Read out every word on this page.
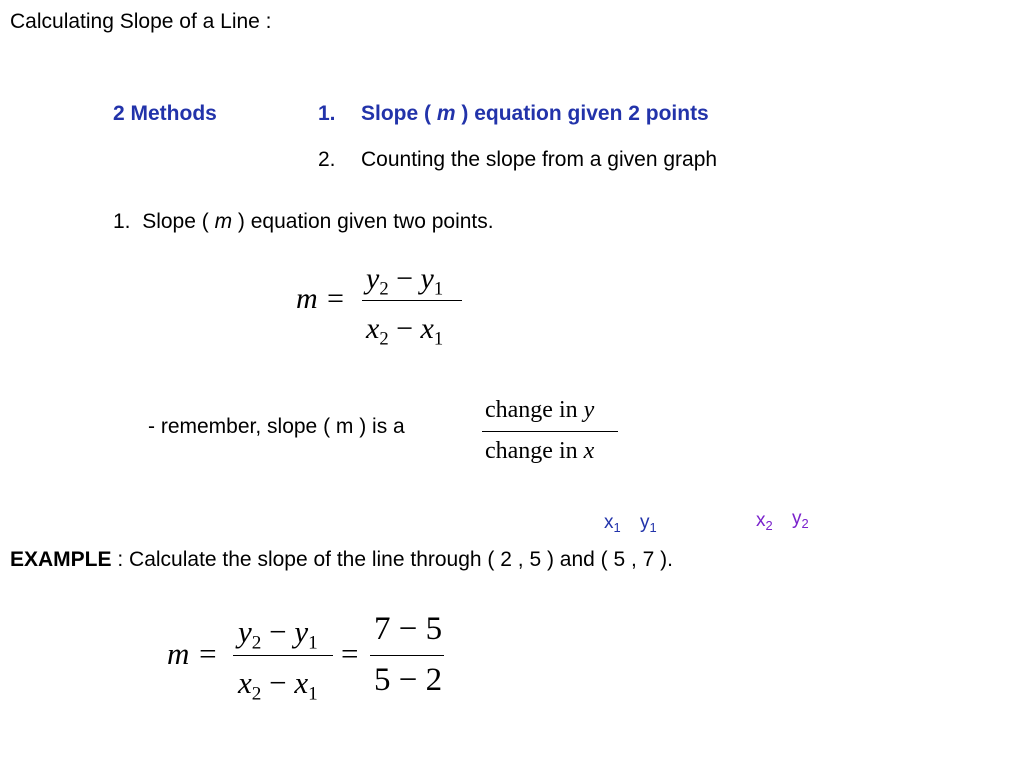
Calculating Slope of a Line :
2 Methods	1. Slope ( m ) equation given 2 points
2. Counting the slope from a given graph
1. Slope ( m ) equation given two points.
m =
$y_2 - y_1$
$x_2 - x_1$
- remember, slope ( m ) is a
change in y
change in x
$x_1$ $y_1$	$x_2$ $y_2$
EXAMPLE : Calculate the slope of the line through ( 2 , 5 ) and ( 5 , 7 ).
m =
$y_2 - y_1$
$x_2 - x_1$
=
7 − 5
5 − 2
